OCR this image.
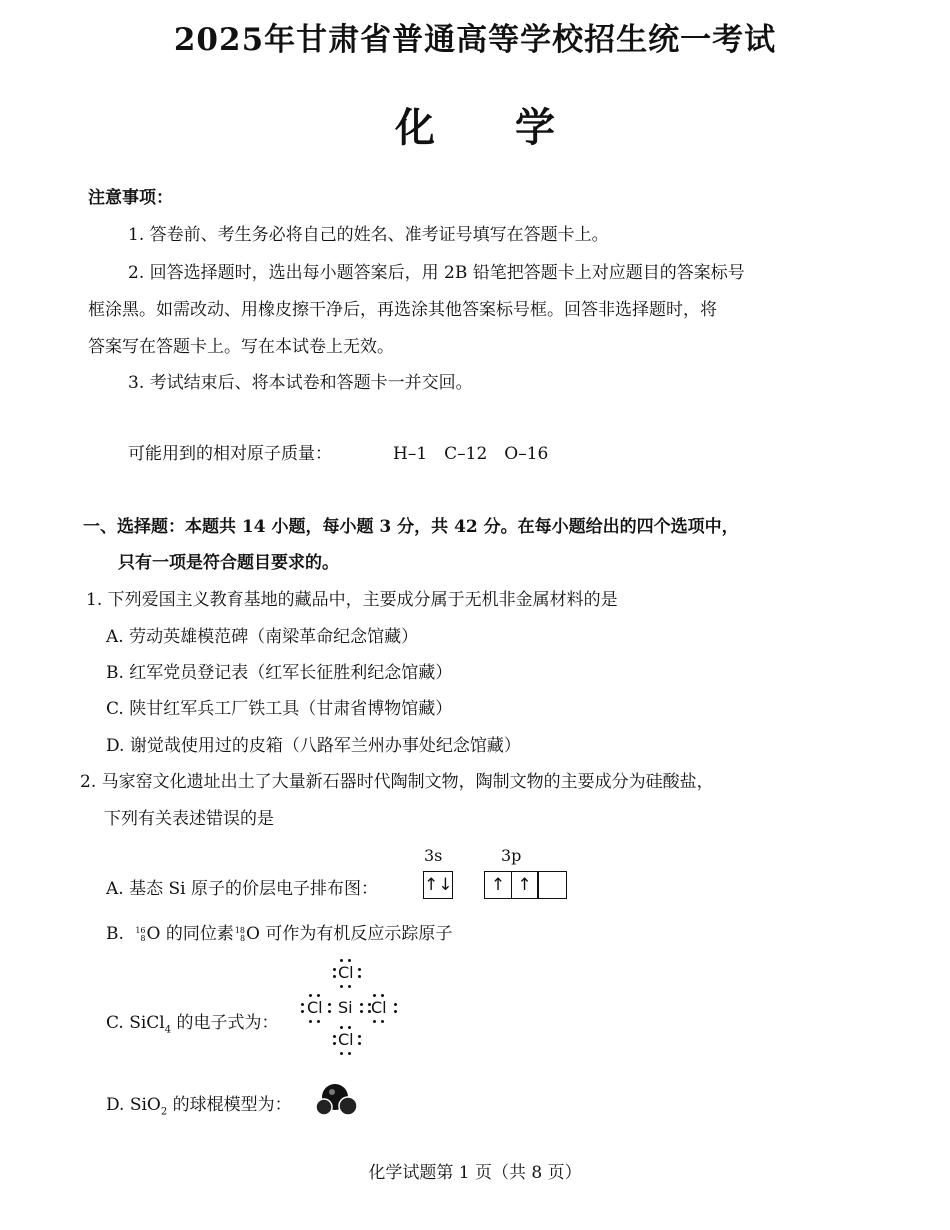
2025年甘肃省普通高等学校招生统一考试
化学
注意事项：
1. 答卷前、考生务必将自己的姓名、准考证号填写在答题卡上。
2. 回答选择题时，选出每小题答案后，用 2B 铅笔把答题卡上对应题目的答案标号
框涂黑。如需改动、用橡皮擦干净后，再选涂其他答案标号框。回答非选择题时，将
答案写在答题卡上。写在本试卷上无效。
3. 考试结束后、将本试卷和答题卡一并交回。
可能用到的相对原子质量：	H–1　C–12　O–16
一、选择题：本题共 14 小题，每小题 3 分，共 42 分。在每小题给出的四个选项中，
只有一项是符合题目要求的。
1. 下列爱国主义教育基地的藏品中，主要成分属于无机非金属材料的是
A. 劳动英雄模范碑（南梁革命纪念馆藏）
B. 红军党员登记表（红军长征胜利纪念馆藏）
C. 陕甘红军兵工厂铁工具（甘肃省博物馆藏）
D. 谢觉哉使用过的皮箱（八路军兰州办事处纪念馆藏）
2. 马家窑文化遗址出土了大量新石器时代陶制文物，陶制文物的主要成分为硅酸盐，
下列有关表述错误的是
A. 基态 Si 原子的价层电子排布图：
3s	3p
↑↓	↑ ↑
B. 16
8O 的同位素18
8O 可作为有机反应示踪原子
C. SiCl$_4$ 的电子式为：
Cl
Cl Si Cl
Cl
D. SiO$_2$ 的球棍模型为：
化学试题第 1 页（共 8 页）
